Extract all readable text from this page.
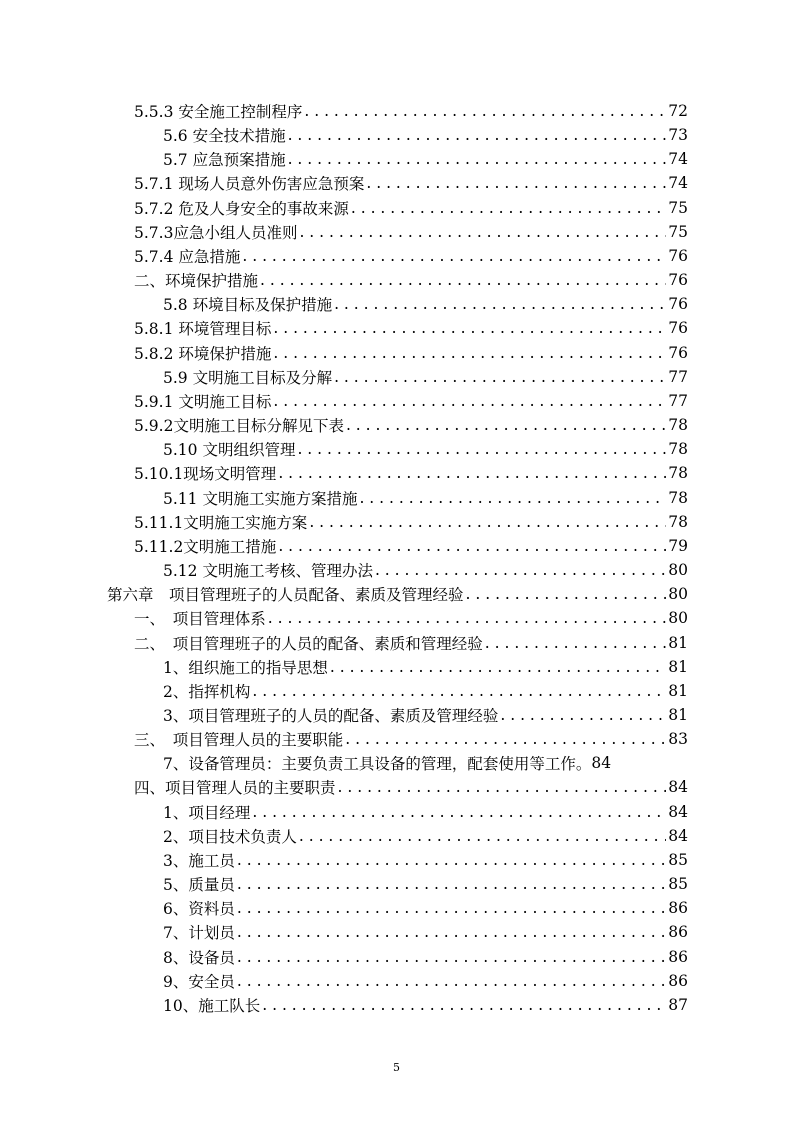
5.5.3 安全施工控制程序 . . .	72
5.6 安全技术措施 . . .	73
5.7 应急预案措施 . . .	74
5.7.1 现场人员意外伤害应急预案 . . .	74
5.7.2 危及人身安全的事故来源 . . .	75
5.7.3应急小组人员准则 . . .	75
5.7.4 应急措施 . . .	76
二、环境保护措施 . . .	76
5.8 环境目标及保护措施 . . .	76
5.8.1 环境管理目标 . . .	76
5.8.2 环境保护措施 . . .	76
5.9 文明施工目标及分解 . . .	77
5.9.1 文明施工目标 . . .	77
5.9.2文明施工目标分解见下表 . . .	78
5.10 文明组织管理 . . .	78
5.10.1现场文明管理 . . .	78
5.11 文明施工实施方案措施 . . .	78
5.11.1文明施工实施方案 . . .	78
5.11.2文明施工措施 . . .	79
5.12 文明施工考核、管理办法 . . .	80
第六章　项目管理班子的人员配备、素质及管理经验 . . .	80
一、　项目管理体系 . . .	80
二、　项目管理班子的人员的配备、素质和管理经验 . . .	81
1、组织施工的指导思想 . . .	81
2、指挥机构 . . .	81
3、项目管理班子的人员的配备、素质及管理经验 . . .	81
三、　项目管理人员的主要职能 . . .	83
7、设备管理员：主要负责工具设备的管理，配套使用等工作。 84
四、项目管理人员的主要职责 . . .	84
1、项目经理 . . .	84
2、项目技术负责人 . . .	84
3、施工员 . . .	85
5、质量员 . . .	85
6、资料员 . . .	86
7、计划员 . . .	86
8、设备员 . . .	86
9、安全员 . . .	86
10、施工队长 . . .	87
5
